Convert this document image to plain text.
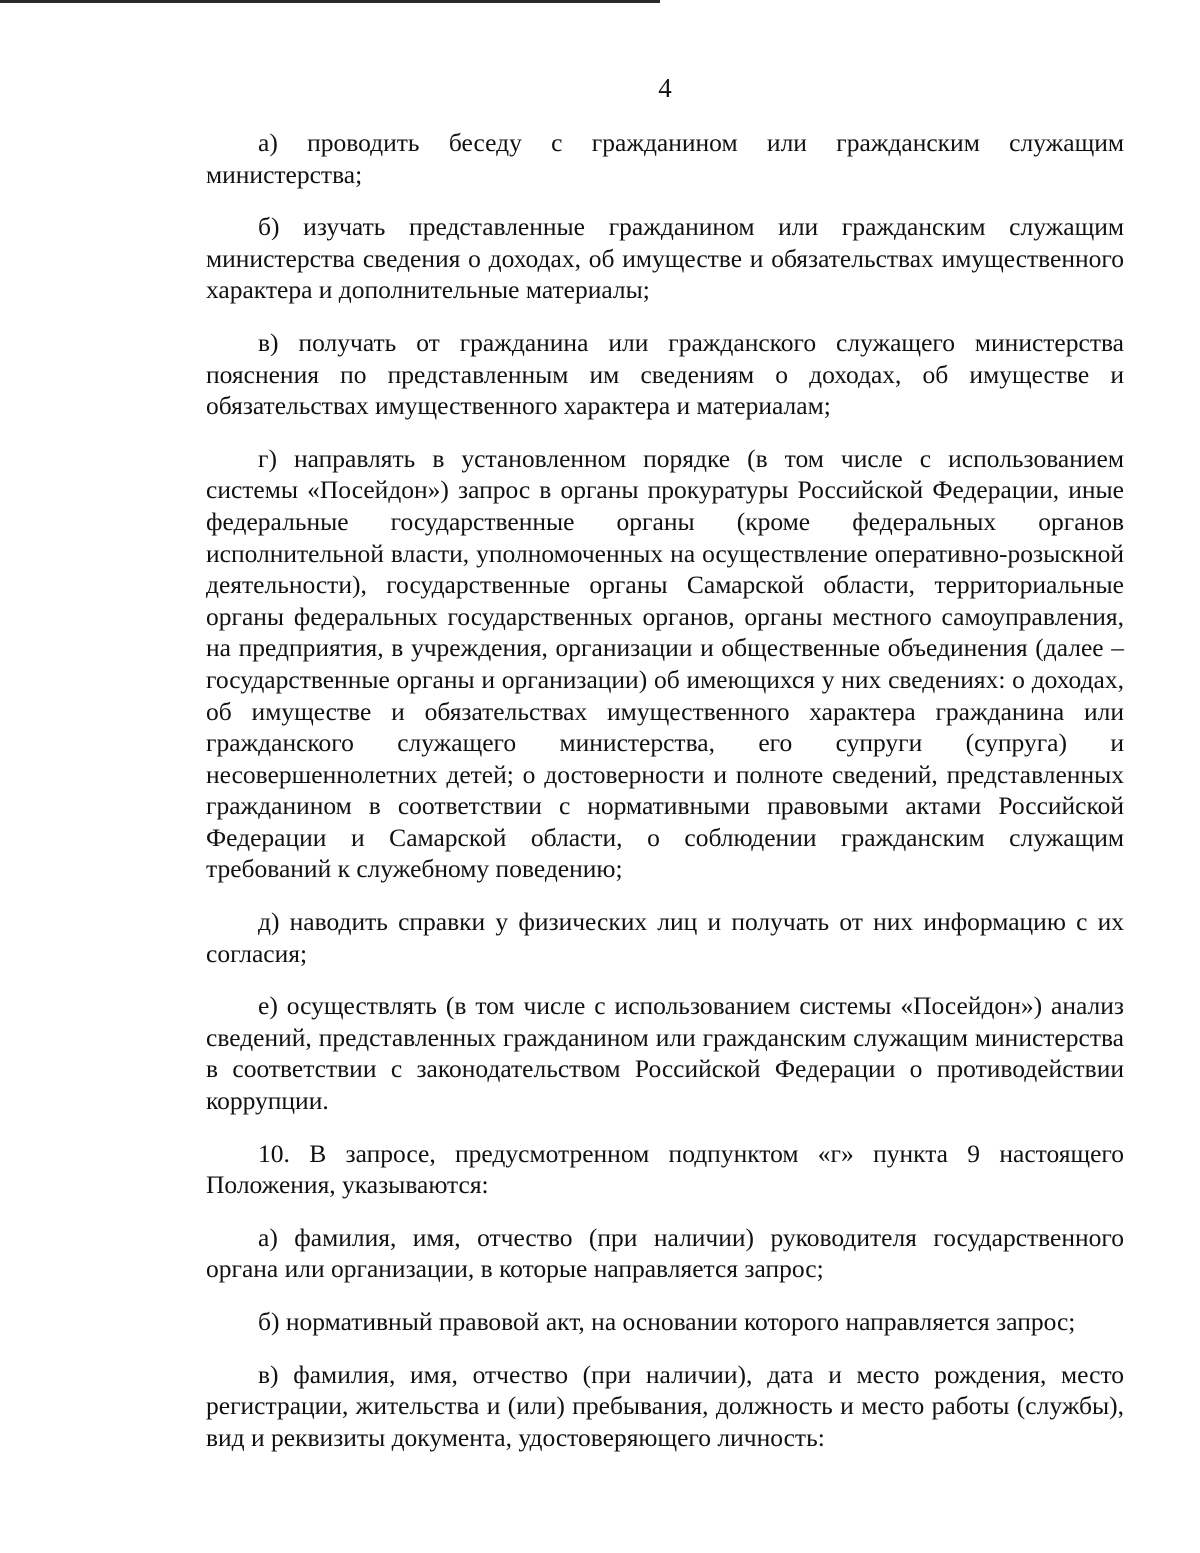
4

а) проводить беседу с гражданином или гражданским служащим министерства;

б) изучать представленные гражданином или гражданским служащим министерства сведения о доходах, об имуществе и обязательствах имущественного характера и дополнительные материалы;

в) получать от гражданина или гражданского служащего министерства пояснения по представленным им сведениям о доходах, об имуществе и обязательствах имущественного характера и материалам;

г) направлять в установленном порядке (в том числе с использованием системы «Посейдон») запрос в органы прокуратуры Российской Федерации, иные федеральные государственные органы (кроме федеральных органов исполнительной власти, уполномоченных на осуществление оперативно-розыскной деятельности), государственные органы Самарской области, территориальные органы федеральных государственных органов, органы местного самоуправления, на предприятия, в учреждения, организации и общественные объединения (далее – государственные органы и организации) об имеющихся у них сведениях: о доходах, об имуществе и обязательствах имущественного характера гражданина или гражданского служащего министерства, его супруги (супруга) и несовершеннолетних детей; о достоверности и полноте сведений, представленных гражданином в соответствии с нормативными правовыми актами Российской Федерации и Самарской области, о соблюдении гражданским служащим требований к служебному поведению;

д) наводить справки у физических лиц и получать от них информацию с их согласия;

е) осуществлять (в том числе с использованием системы «Посейдон») анализ сведений, представленных гражданином или гражданским служащим министерства в соответствии с законодательством Российской Федерации о противодействии коррупции.

10. В запросе, предусмотренном подпунктом «г» пункта 9 настоящего Положения, указываются:

а) фамилия, имя, отчество (при наличии) руководителя государственного органа или организации, в которые направляется запрос;

б) нормативный правовой акт, на основании которого направляется запрос;

в) фамилия, имя, отчество (при наличии), дата и место рождения, место регистрации, жительства и (или) пребывания, должность и место работы (службы), вид и реквизиты документа, удостоверяющего личность:
